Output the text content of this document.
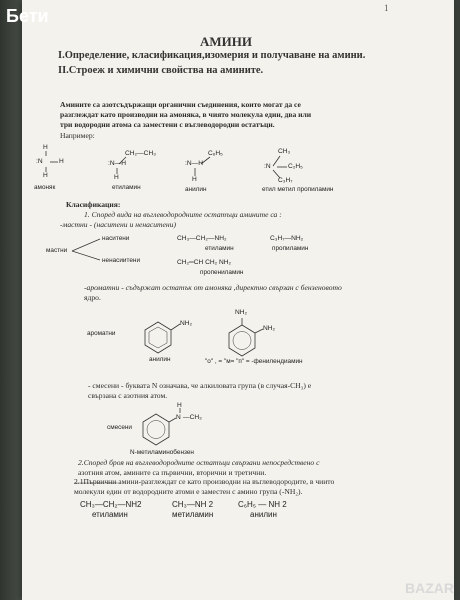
1
АМИНИ
I.Определение, класификация,изомерия и получаване на амини.
II.Строеж и химични свойства на амините.
Амините са азотсъдържащи органични съединения, които могат да се
разглеждат като производни на амоняка, в чиято молекула един, два или
три водородни атома са заместени с въглеводородни остатъци.
Например:
H
:N H
H
амоняк
CH₂—CH₃
:N—H
H
етиламин
C₆H₅
:N—H
H
анилин
CH₃
:N	C₂H₅
C₃H₇
етил метил пропиламин
Класификация:
1. Според вида на въглеводородните остатъци амините са :
-мастни - (наситени и ненаситени)
мастни
наситени
ненасиитени
CH₃—CH₂—NH₂
етиламин
C₃H₇—NH₂
пропиламин
CH₂═CH CH₂ NH₂
пропениламин
-ароматни - съдържат остатък от амоняка ,директно свързан с бензеновото
ядро.
ароматни
NH₂
анилин
NH₂
NH₂
"о" , = "м= "п" = -фенилендиамин
- смесени - буквата N означава, че алкиловата група (в случая-CH₃) е
свързана с азотния атом.
H
N —CH₃
смесени
N-метиламинобензен
2.Според броя на въглеводородните остатъци свързани непосредствено с
азотния атом, амините са първични, вторични и третични.
2.1Първични амини-разглеждат се като производни на въглеводородите, в чиито
молекули един от водородните атоми е заместен с амино група (-NH₂).
CH₃—CH₂—NH2
етиламин
CH₃—NH 2
метиламин
C₆H₅ — NH 2
анилин
Бети
BAZAR
